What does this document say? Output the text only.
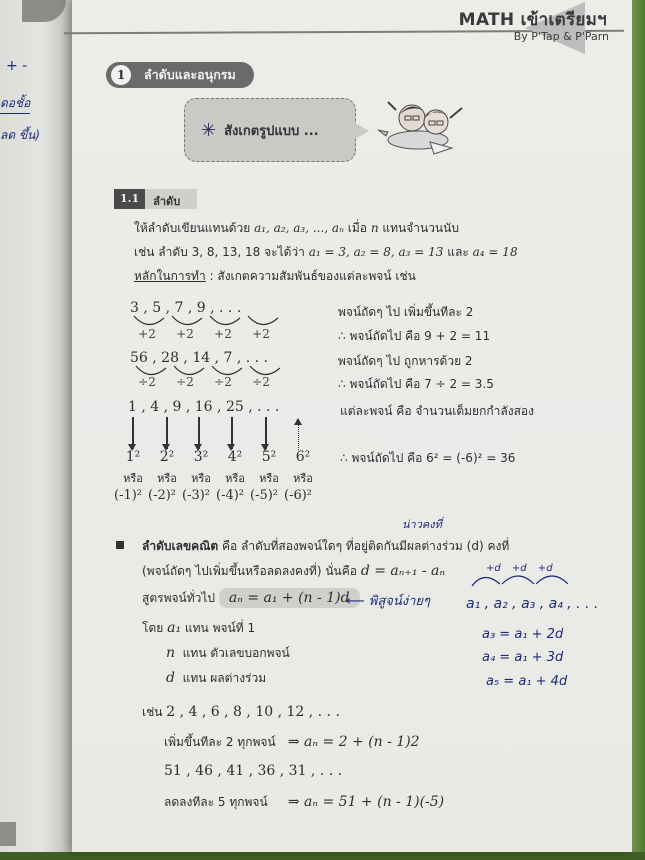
+ -
ดอชั้อ
ลด ขึ้น)
MATH เข้าเตรียมฯ
By P'Tap & P'Parn
1	ลำดับและอนุกรม
✳ สังเกตรูปแบบ ...
1.1	ลำดับ
ให้ลำดับเขียนแทนด้วย a₁, a₂, a₃, ..., aₙ เมื่อ n แทนจำนวนนับ
เช่น ลำดับ 3, 8, 13, 18 จะได้ว่า a₁ = 3, a₂ = 8, a₃ = 13 และ a₄ = 18
หลักในการทำ : สังเกตความสัมพันธ์ของแต่ละพจน์ เช่น
3 , 5 , 7 , 9 , . . .
+2	+2	+2	+2
พจน์ถัดๆ ไป เพิ่มขึ้นทีละ 2
∴ พจน์ถัดไป คือ 9 + 2 = 11
56 , 28 , 14 , 7 , . . .
÷2	÷2	÷2	÷2
พจน์ถัดๆ ไป ถูกหารด้วย 2
∴ พจน์ถัดไป คือ 7 ÷ 2 = 3.5
1 , 4 , 9 , 16 , 25 , . . .
1²	2²	3²	4²	5²	6²
หรือ	หรือ	หรือ	หรือ	หรือ	หรือ
(-1)² (-2)² (-3)² (-4)² (-5)² (-6)²
แต่ละพจน์ คือ จำนวนเต็มยกกำลังสอง
∴ พจน์ถัดไป คือ 6² = (-6)² = 36
น่าวคงที่
ลำดับเลขคณิต คือ ลำดับที่สองพจน์ใดๆ ที่อยู่ติดกันมีผลต่างร่วม (d) คงที่
(พจน์ถัดๆ ไปเพิ่มขึ้นหรือลดลงคงที่) นั่นคือ d = aₙ₊₁ - aₙ
สูตรพจน์ทั่วไป aₙ = a₁ + (n - 1)d
โดย a₁ แทน พจน์ที่ 1
n แทน ตัวเลขบอกพจน์
d แทน ผลต่างร่วม
เช่น 2 , 4 , 6 , 8 , 10 , 12 , . . .
เพิ่มขึ้นทีละ 2 ทุกพจน์ ⇒ aₙ = 2 + (n - 1)2
51 , 46 , 41 , 36 , 31 , . . .
ลดลงทีละ 5 ทุกพจน์ ⇒ aₙ = 51 + (n - 1)(-5)
⟵ พิสูจน์ง่ายๆ
+d +d +d
a₁ , a₂ , a₃ , a₄ , . . .
a₃ = a₁ + 2d
a₄ = a₁ + 3d
a₅ = a₁ + 4d
